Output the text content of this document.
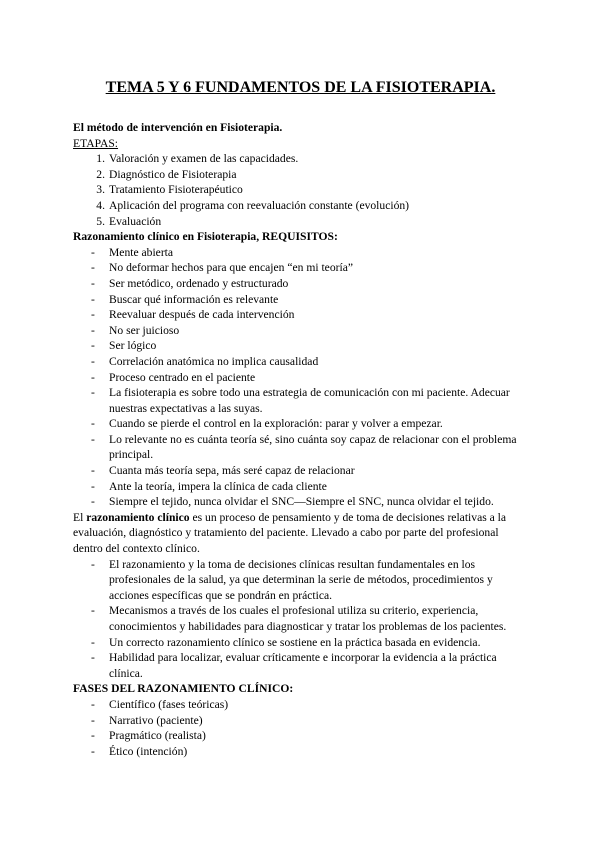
TEMA 5 Y 6 FUNDAMENTOS DE LA FISIOTERAPIA.

El método de intervención en Fisioterapia.

ETAPAS:

1. Valoración y examen de las capacidades.
2. Diagnóstico de Fisioterapia
3. Tratamiento Fisioterapéutico
4. Aplicación del programa con reevaluación constante (evolución)
5. Evaluación

Razonamiento clínico en Fisioterapia, REQUISITOS:

- Mente abierta
- No deformar hechos para que encajen “en mi teoría”
- Ser metódico, ordenado y estructurado
- Buscar qué información es relevante
- Reevaluar después de cada intervención
- No ser juicioso
- Ser lógico
- Correlación anatómica no implica causalidad
- Proceso centrado en el paciente
- La fisioterapia es sobre todo una estrategia de comunicación con mi paciente. Adecuar nuestras expectativas a las suyas.
- Cuando se pierde el control en la exploración: parar y volver a empezar.
- Lo relevante no es cuánta teoría sé, sino cuánta soy capaz de relacionar con el problema principal.
- Cuanta más teoría sepa, más seré capaz de relacionar
- Ante la teoría, impera la clínica de cada cliente
- Siempre el tejido, nunca olvidar el SNC—Siempre el SNC, nunca olvidar el tejido.

El razonamiento clínico es un proceso de pensamiento y de toma de decisiones relativas a la evaluación, diagnóstico y tratamiento del paciente. Llevado a cabo por parte del profesional dentro del contexto clínico.

- El razonamiento y la toma de decisiones clínicas resultan fundamentales en los profesionales de la salud, ya que determinan la serie de métodos, procedimientos y acciones específicas que se pondrán en práctica.
- Mecanismos a través de los cuales el profesional utiliza su criterio, experiencia, conocimientos y habilidades para diagnosticar y tratar los problemas de los pacientes.
- Un correcto razonamiento clínico se sostiene en la práctica basada en evidencia.
- Habilidad para localizar, evaluar críticamente e incorporar la evidencia a la práctica clínica.

FASES DEL RAZONAMIENTO CLÍNICO:

- Científico (fases teóricas)
- Narrativo (paciente)
- Pragmático (realista)
- Ético (intención)
